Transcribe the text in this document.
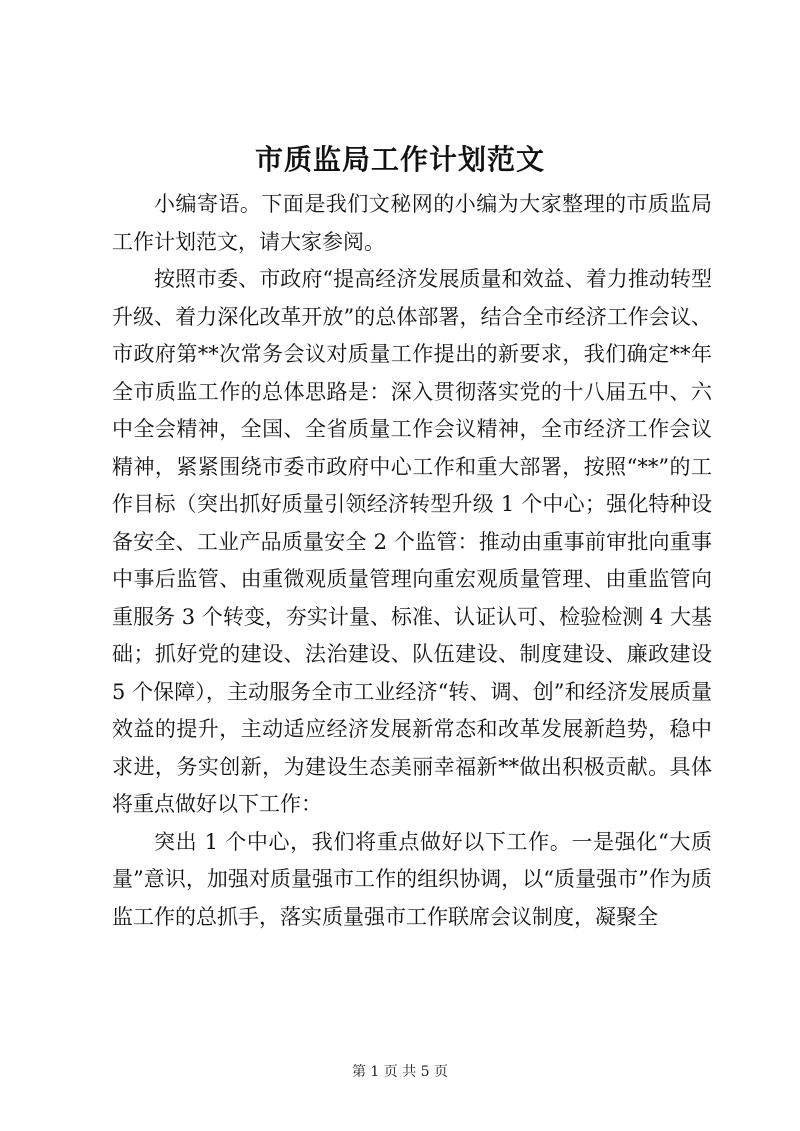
市质监局工作计划范文

小编寄语。下面是我们文秘网的小编为大家整理的市质监局工作计划范文，请大家参阅。

按照市委、市政府“提高经济发展质量和效益、着力推动转型升级、着力深化改革开放”的总体部署，结合全市经济工作会议、市政府第**次常务会议对质量工作提出的新要求，我们确定**年全市质监工作的总体思路是：深入贯彻落实党的十八届五中、六中全会精神，全国、全省质量工作会议精神，全市经济工作会议精神，紧紧围绕市委市政府中心工作和重大部署，按照“**”的工作目标（突出抓好质量引领经济转型升级 1 个中心；强化特种设备安全、工业产品质量安全 2 个监管：推动由重事前审批向重事中事后监管、由重微观质量管理向重宏观质量管理、由重监管向重服务 3 个转变，夯实计量、标准、认证认可、检验检测 4 大基础；抓好党的建设、法治建设、队伍建设、制度建设、廉政建设 5 个保障），主动服务全市工业经济“转、调、创”和经济发展质量效益的提升，主动适应经济发展新常态和改革发展新趋势，稳中求进，务实创新，为建设生态美丽幸福新**做出积极贡献。具体将重点做好以下工作：

突出 1 个中心，我们将重点做好以下工作。一是强化“大质量”意识，加强对质量强市工作的组织协调，以“质量强市”作为质监工作的总抓手，落实质量强市工作联席会议制度，凝聚全

第 1 页 共 5 页
